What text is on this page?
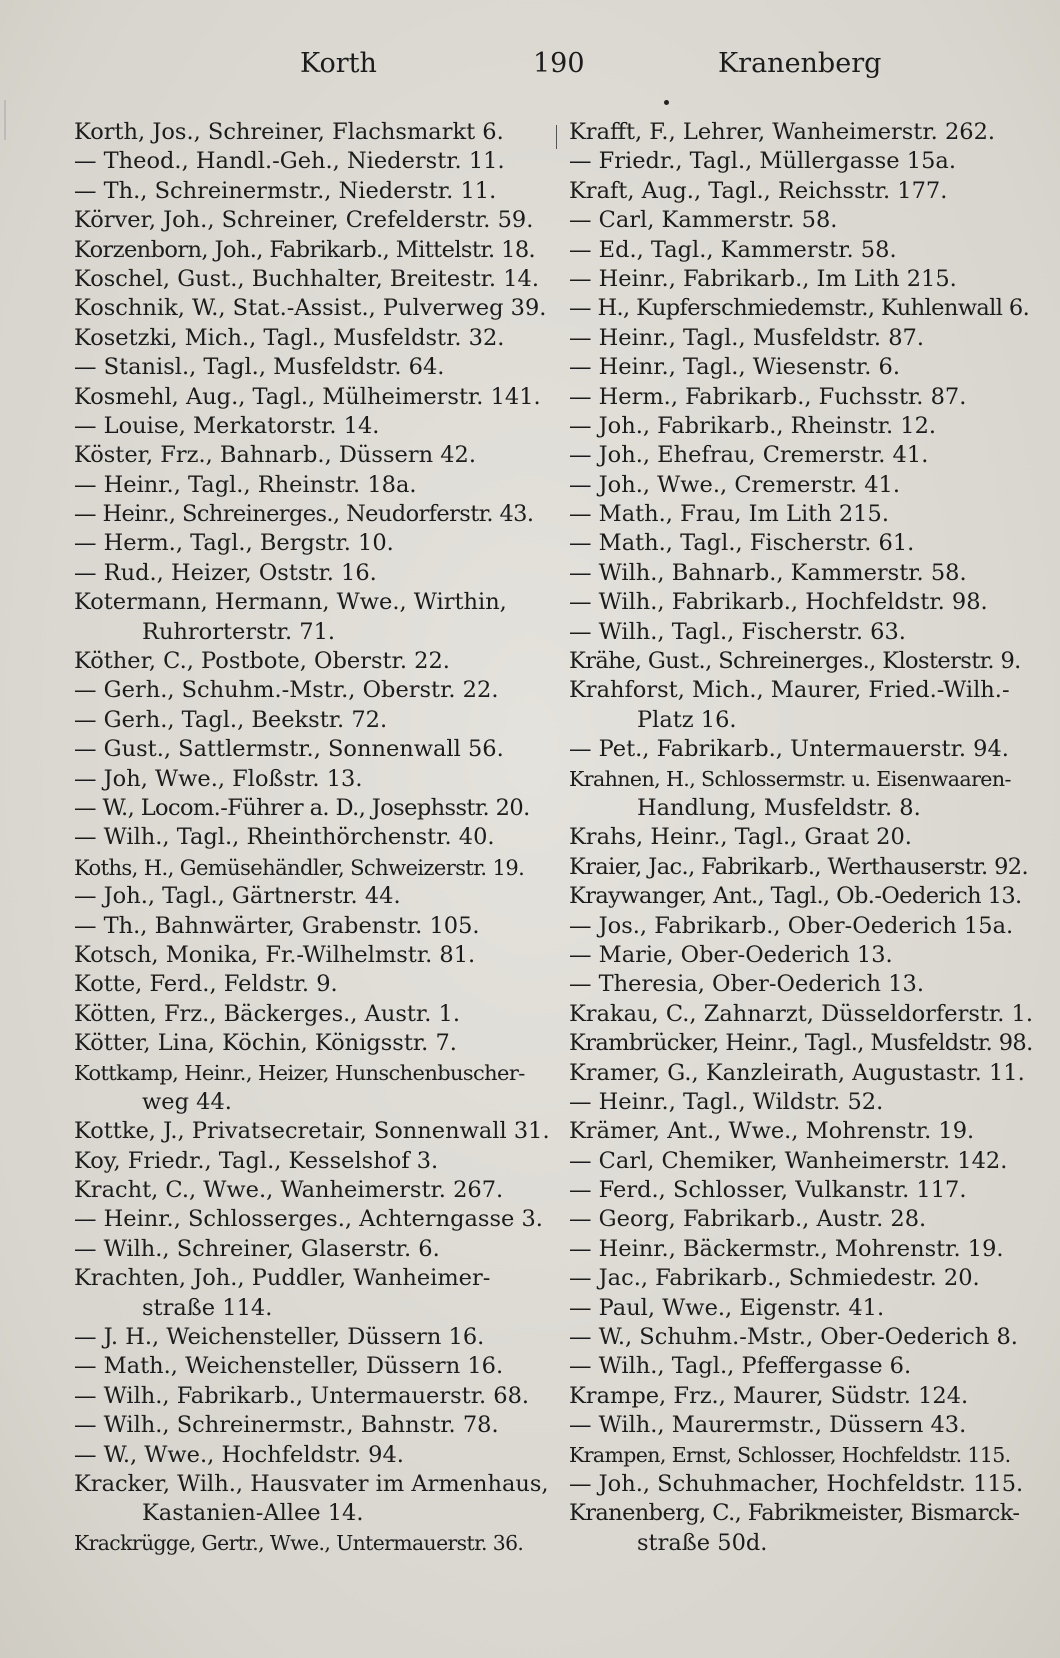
Korth	190	Kranenberg
Korth, Jos., Schreiner, Flachsmarkt 6.
— Theod., Handl.-Geh., Niederstr. 11.
— Th., Schreinermstr., Niederstr. 11.
Körver, Joh., Schreiner, Crefelderstr. 59.
Korzenborn, Joh., Fabrikarb., Mittelstr. 18.
Koschel, Gust., Buchhalter, Breitestr. 14.
Koschnik, W., Stat.-Assist., Pulverweg 39.
Kosetzki, Mich., Tagl., Musfeldstr. 32.
— Stanisl., Tagl., Musfeldstr. 64.
Kosmehl, Aug., Tagl., Mülheimerstr. 141.
— Louise, Merkatorstr. 14.
Köster, Frz., Bahnarb., Düssern 42.
— Heinr., Tagl., Rheinstr. 18a.
— Heinr., Schreinerges., Neudorferstr. 43.
— Herm., Tagl., Bergstr. 10.
— Rud., Heizer, Oststr. 16.
Kotermann, Hermann, Wwe., Wirthin,
Ruhrorterstr. 71.
Köther, C., Postbote, Oberstr. 22.
— Gerh., Schuhm.-Mstr., Oberstr. 22.
— Gerh., Tagl., Beekstr. 72.
— Gust., Sattlermstr., Sonnenwall 56.
— Joh, Wwe., Floßstr. 13.
— W., Locom.-Führer a. D., Josephsstr. 20.
— Wilh., Tagl., Rheinthörchenstr. 40.
Koths, H., Gemüsehändler, Schweizerstr. 19.
— Joh., Tagl., Gärtnerstr. 44.
— Th., Bahnwärter, Grabenstr. 105.
Kotsch, Monika, Fr.-Wilhelmstr. 81.
Kotte, Ferd., Feldstr. 9.
Kötten, Frz., Bäckerges., Austr. 1.
Kötter, Lina, Köchin, Königsstr. 7.
Kottkamp, Heinr., Heizer, Hunschenbuscher-
weg 44.
Kottke, J., Privatsecretair, Sonnenwall 31.
Koy, Friedr., Tagl., Kesselshof 3.
Kracht, C., Wwe., Wanheimerstr. 267.
— Heinr., Schlosserges., Achterngasse 3.
— Wilh., Schreiner, Glaserstr. 6.
Krachten, Joh., Puddler, Wanheimer-
straße 114.
— J. H., Weichensteller, Düssern 16.
— Math., Weichensteller, Düssern 16.
— Wilh., Fabrikarb., Untermauerstr. 68.
— Wilh., Schreinermstr., Bahnstr. 78.
— W., Wwe., Hochfeldstr. 94.
Kracker, Wilh., Hausvater im Armenhaus,
Kastanien-Allee 14.
Krackrügge, Gertr., Wwe., Untermauerstr. 36.
Krafft, F., Lehrer, Wanheimerstr. 262.
— Friedr., Tagl., Müllergasse 15a.
Kraft, Aug., Tagl., Reichsstr. 177.
— Carl, Kammerstr. 58.
— Ed., Tagl., Kammerstr. 58.
— Heinr., Fabrikarb., Im Lith 215.
— H., Kupferschmiedemstr., Kuhlenwall 6.
— Heinr., Tagl., Musfeldstr. 87.
— Heinr., Tagl., Wiesenstr. 6.
— Herm., Fabrikarb., Fuchsstr. 87.
— Joh., Fabrikarb., Rheinstr. 12.
— Joh., Ehefrau, Cremerstr. 41.
— Joh., Wwe., Cremerstr. 41.
— Math., Frau, Im Lith 215.
— Math., Tagl., Fischerstr. 61.
— Wilh., Bahnarb., Kammerstr. 58.
— Wilh., Fabrikarb., Hochfeldstr. 98.
— Wilh., Tagl., Fischerstr. 63.
Krähe, Gust., Schreinerges., Klosterstr. 9.
Krahforst, Mich., Maurer, Fried.-Wilh.-
Platz 16.
— Pet., Fabrikarb., Untermauerstr. 94.
Krahnen, H., Schlossermstr. u. Eisenwaaren-
Handlung, Musfeldstr. 8.
Krahs, Heinr., Tagl., Graat 20.
Kraier, Jac., Fabrikarb., Werthauserstr. 92.
Kraywanger, Ant., Tagl., Ob.-Oederich 13.
— Jos., Fabrikarb., Ober-Oederich 15a.
— Marie, Ober-Oederich 13.
— Theresia, Ober-Oederich 13.
Krakau, C., Zahnarzt, Düsseldorferstr. 1.
Krambrücker, Heinr., Tagl., Musfeldstr. 98.
Kramer, G., Kanzleirath, Augustastr. 11.
— Heinr., Tagl., Wildstr. 52.
Krämer, Ant., Wwe., Mohrenstr. 19.
— Carl, Chemiker, Wanheimerstr. 142.
— Ferd., Schlosser, Vulkanstr. 117.
— Georg, Fabrikarb., Austr. 28.
— Heinr., Bäckermstr., Mohrenstr. 19.
— Jac., Fabrikarb., Schmiedestr. 20.
— Paul, Wwe., Eigenstr. 41.
— W., Schuhm.-Mstr., Ober-Oederich 8.
— Wilh., Tagl., Pfeffergasse 6.
Krampe, Frz., Maurer, Südstr. 124.
— Wilh., Maurermstr., Düssern 43.
Krampen, Ernst, Schlosser, Hochfeldstr. 115.
— Joh., Schuhmacher, Hochfeldstr. 115.
Kranenberg, C., Fabrikmeister, Bismarck-
straße 50d.
